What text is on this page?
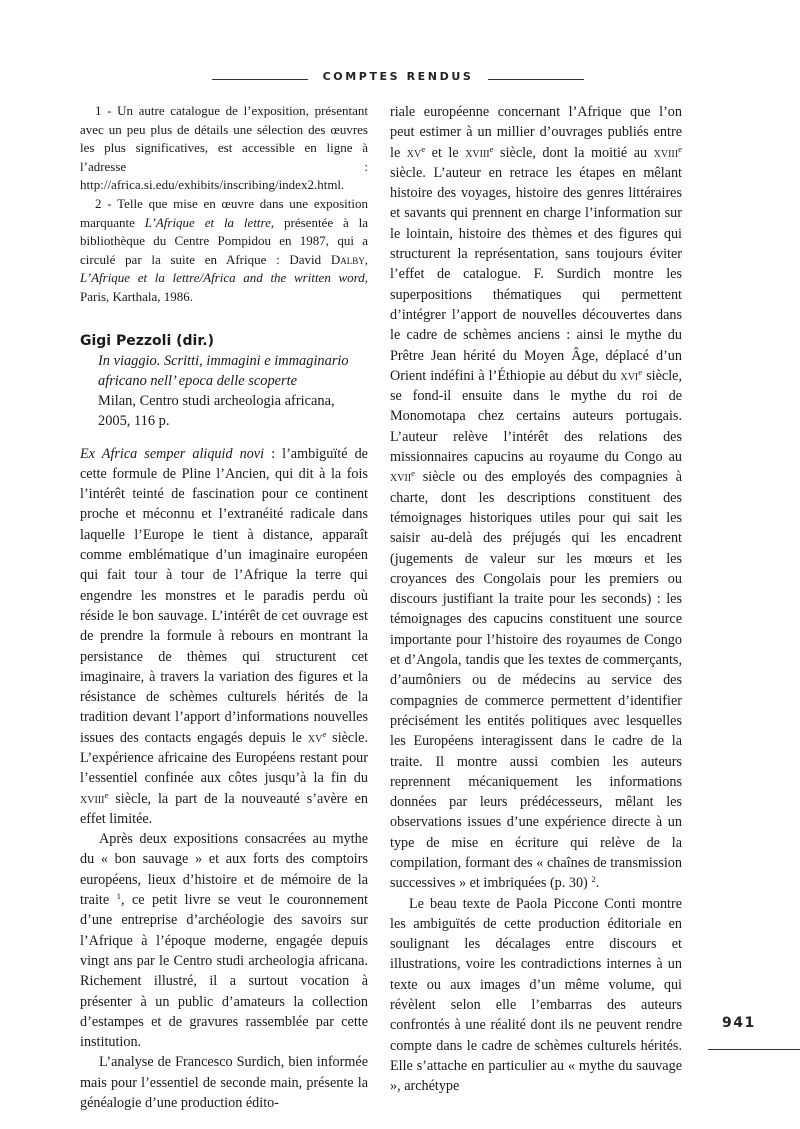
COMPTES RENDUS

1 - Un autre catalogue de l’exposition, présentant avec un peu plus de détails une sélection des œuvres les plus significatives, est accessible en ligne à l’adresse : http://africa.si.edu/exhibits/inscribing/index2.html.

2 - Telle que mise en œuvre dans une exposition marquante L’Afrique et la lettre, présentée à la bibliothèque du Centre Pompidou en 1987, qui a circulé par la suite en Afrique : David Dalby, L’Afrique et la lettre/Africa and the written word, Paris, Karthala, 1986.

Gigi Pezzoli (dir.)
In viaggio. Scritti, immagini e immaginario africano nell’ epoca delle scoperte
Milan, Centro studi archeologia africana, 2005, 116 p.

Ex Africa semper aliquid novi : l’ambiguïté de cette formule de Pline l’Ancien, qui dit à la fois l’intérêt teinté de fascination pour ce continent proche et méconnu et l’extranéité radicale dans laquelle l’Europe le tient à distance, apparaît comme emblématique d’un imaginaire européen qui fait tour à tour de l’Afrique la terre qui engendre les monstres et le paradis perdu où réside le bon sauvage. L’intérêt de cet ouvrage est de prendre la formule à rebours en montrant la persistance de thèmes qui structurent cet imaginaire, à travers la variation des figures et la résistance de schèmes culturels hérités de la tradition devant l’apport d’informations nouvelles issues des contacts engagés depuis le $xv^e$ siècle. L’expérience africaine des Européens restant pour l’essentiel confinée aux côtes jusqu’à la fin du xviii$^e$ siècle, la part de la nouveauté s’avère en effet limitée.

Après deux expositions consacrées au mythe du « bon sauvage » et aux forts des comptoirs européens, lieux d’histoire et de mémoire de la traite $^1$, ce petit livre se veut le couronnement d’une entreprise d’archéologie des savoirs sur l’Afrique à l’époque moderne, engagée depuis vingt ans par le Centro studi archeologia africana. Richement illustré, il a surtout vocation à présenter à un public d’amateurs la collection d’estampes et de gravures rassemblée par cette institution.

L’analyse de Francesco Surdich, bien informée mais pour l’essentiel de seconde main, présente la généalogie d’une production édito-

riale européenne concernant l’Afrique que l’on peut estimer à un millier d’ouvrages publiés entre le $xv^e$ et le xviii$^e$ siècle, dont la moitié au xviii$^e$ siècle. L’auteur en retrace les étapes en mêlant histoire des voyages, histoire des genres littéraires et savants qui prennent en charge l’information sur le lointain, histoire des thèmes et des figures qui structurent la représentation, sans toujours éviter l’effet de catalogue. F. Surdich montre les superpositions thématiques qui permettent d’intégrer l’apport de nouvelles découvertes dans le cadre de schèmes anciens : ainsi le mythe du Prêtre Jean hérité du Moyen Âge, déplacé d’un Orient indéfini à l’Éthiopie au début du xvi$^e$ siècle, se fond-il ensuite dans le mythe du roi de Monomotapa chez certains auteurs portugais. L’auteur relève l’intérêt des relations des missionnaires capucins au royaume du Congo au xvii$^e$ siècle ou des employés des compagnies à charte, dont les descriptions constituent des témoignages historiques utiles pour qui sait les saisir au-delà des préjugés qui les encadrent (jugements de valeur sur les mœurs et les croyances des Congolais pour les premiers ou discours justifiant la traite pour les seconds) : les témoignages des capucins constituent une source importante pour l’histoire des royaumes de Congo et d’Angola, tandis que les textes de commerçants, d’aumôniers ou de médecins au service des compagnies de commerce permettent d’identifier précisément les entités politiques avec lesquelles les Européens interagissent dans le cadre de la traite. Il montre aussi combien les auteurs reprennent mécaniquement les informations données par leurs prédécesseurs, mêlant les observations issues d’une expérience directe à un type de mise en écriture qui relève de la compilation, formant des « chaînes de transmission successives » et imbriquées (p. 30) $^2$.

Le beau texte de Paola Piccone Conti montre les ambiguïtés de cette production éditoriale en soulignant les décalages entre discours et illustrations, voire les contradictions internes à un texte ou aux images d’un même volume, qui révèlent selon elle l’embarras des auteurs confrontés à une réalité dont ils ne peuvent rendre compte dans le cadre de schèmes culturels hérités. Elle s’attache en particulier au « mythe du sauvage », archétype

941
